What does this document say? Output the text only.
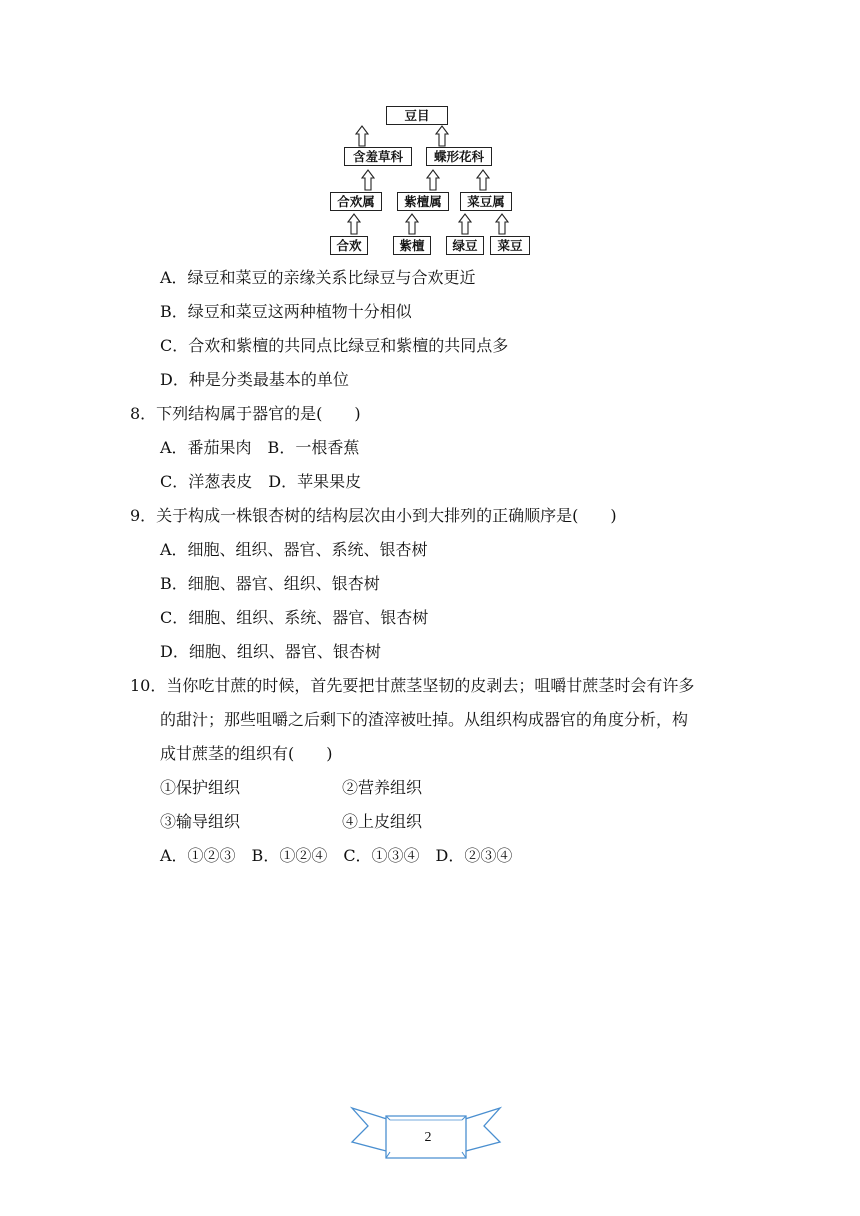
豆目
含羞草科	蝶形花科
合欢属	紫檀属	菜豆属
合欢	紫檀	绿豆	菜豆
A．绿豆和菜豆的亲缘关系比绿豆与合欢更近
B．绿豆和菜豆这两种植物十分相似
C．合欢和紫檀的共同点比绿豆和紫檀的共同点多
D．种是分类最基本的单位
8．下列结构属于器官的是(　　)
A．番茄果肉　B．一根香蕉
C．洋葱表皮　D．苹果果皮
9．关于构成一株银杏树的结构层次由小到大排列的正确顺序是(　　)
A．细胞、组织、器官、系统、银杏树
B．细胞、器官、组织、银杏树
C．细胞、组织、系统、器官、银杏树
D．细胞、组织、器官、银杏树
10．当你吃甘蔗的时候，首先要把甘蔗茎坚韧的皮剥去；咀嚼甘蔗茎时会有许多
的甜汁；那些咀嚼之后剩下的渣滓被吐掉。从组织构成器官的角度分析，构
成甘蔗茎的组织有(　　)
①保护组织	②营养组织
③输导组织	④上皮组织
A．①②③　B．①②④　C．①③④　D．②③④
2
